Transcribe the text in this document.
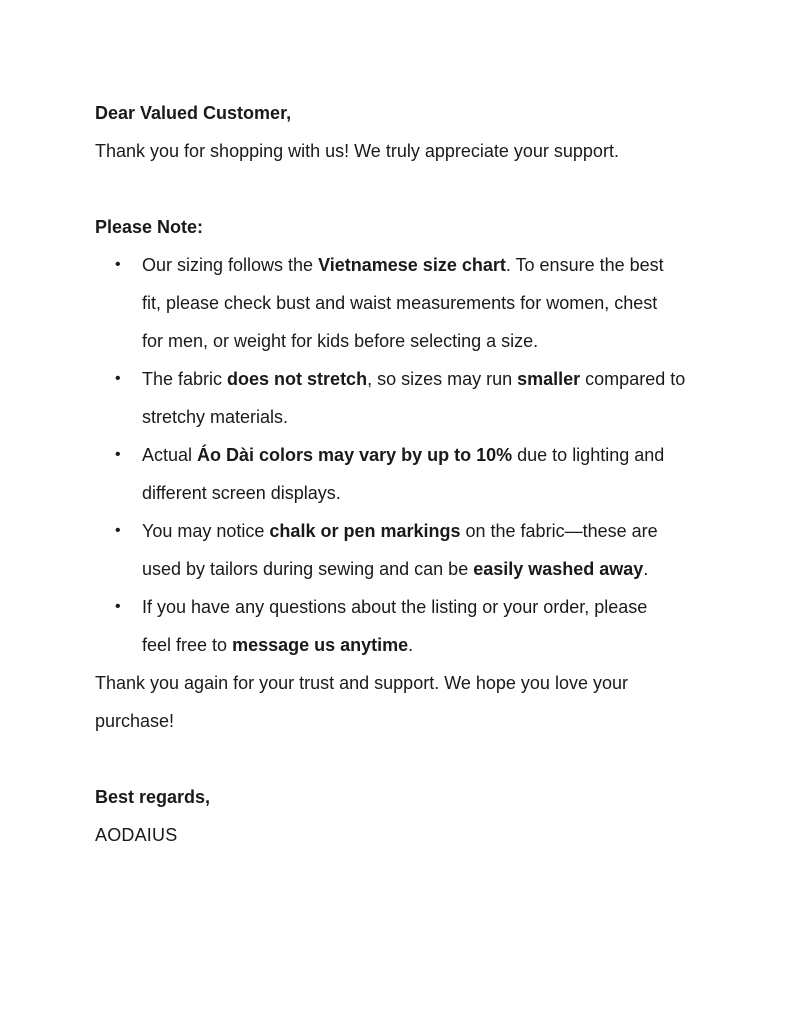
Dear Valued Customer,
Thank you for shopping with us! We truly appreciate your support.
Please Note:
• Our sizing follows the Vietnamese size chart. To ensure the best
fit, please check bust and waist measurements for women, chest
for men, or weight for kids before selecting a size.
• The fabric does not stretch, so sizes may run smaller compared to
stretchy materials.
• Actual Áo Dài colors may vary by up to 10% due to lighting and
different screen displays.
• You may notice chalk or pen markings on the fabric—these are
used by tailors during sewing and can be easily washed away.
• If you have any questions about the listing or your order, please
feel free to message us anytime.
Thank you again for your trust and support. We hope you love your
purchase!
Best regards,
AODAIUS
